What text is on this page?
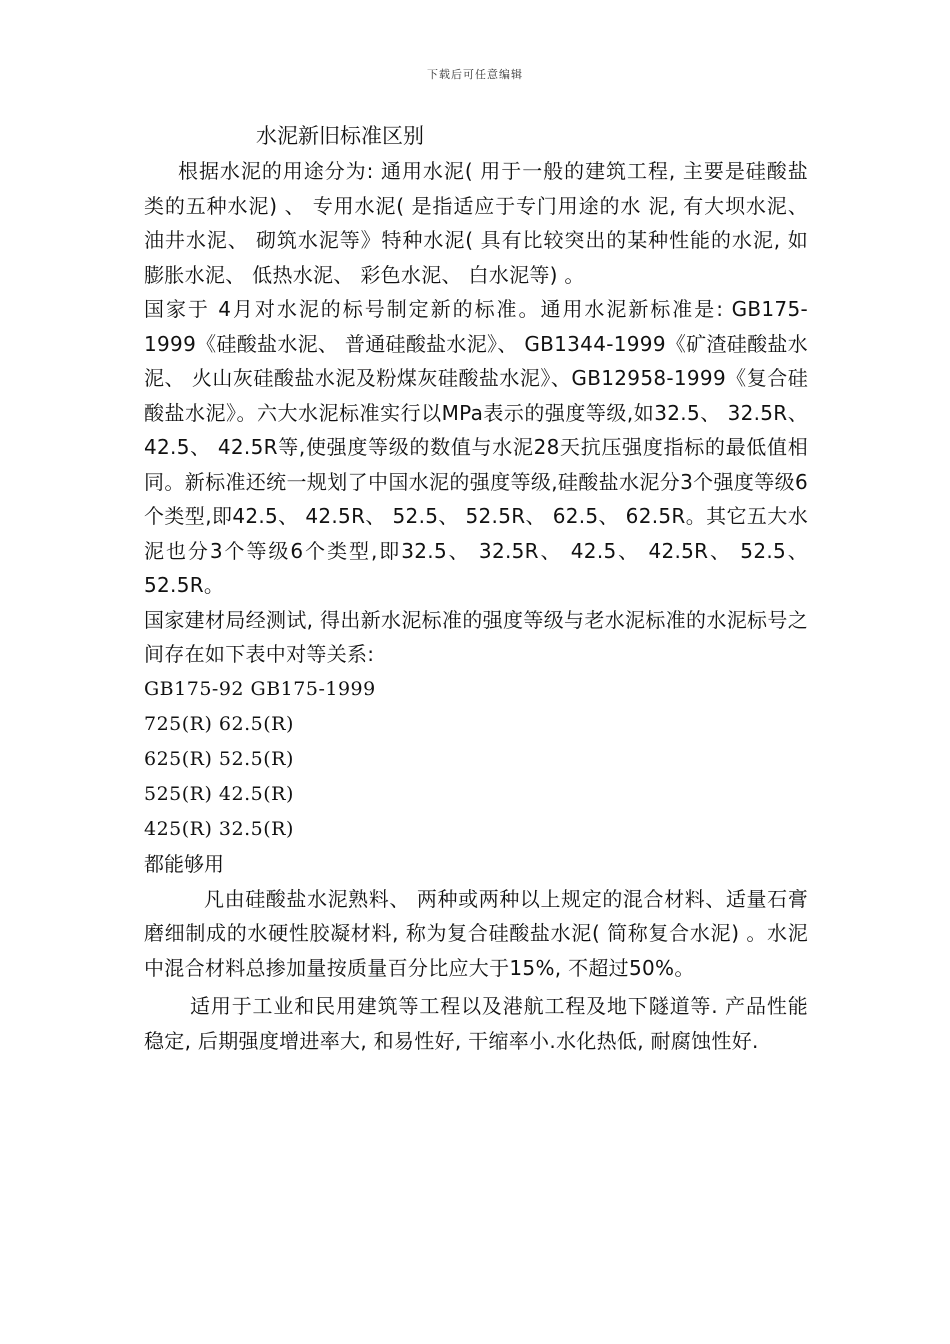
下载后可任意编辑
水泥新旧标准区别

根据水泥的用途分为: 通用水泥( 用于一般的建筑工程, 主要是硅酸盐类的五种水泥) 、 专用水泥( 是指适应于专门用途的水 泥, 有大坝水泥、 油井水泥、 砌筑水泥等》特种水泥( 具有比较突出的某种性能的水泥, 如膨胀水泥、 低热水泥、 彩色水泥、 白水泥等) 。

国家于 4月对水泥的标号制定新的标准。通用水泥新标准是: GB175-1999《硅酸盐水泥、 普通硅酸盐水泥》、 GB1344-1999《矿渣硅酸盐水泥、 火山灰硅酸盐水泥及粉煤灰硅酸盐水泥》、GB12958-1999《复合硅酸盐水泥》。六大水泥标准实行以MPa表示的强度等级,如32.5、 32.5R、 42.5、 42.5R等,使强度等级的数值与水泥28天抗压强度指标的最低值相同。新标准还统一规划了中国水泥的强度等级,硅酸盐水泥分3个强度等级6个类型,即42.5、 42.5R、 52.5、 52.5R、 62.5、 62.5R。其它五大水泥也分3个等级6个类型,即32.5、 32.5R、 42.5、 42.5R、 52.5、 52.5R。

国家建材局经测试, 得出新水泥标准的强度等级与老水泥标准的水泥标号之间存在如下表中对等关系:

GB175-92 GB175-1999

725(R) 62.5(R)

625(R) 52.5(R)

525(R) 42.5(R)

425(R) 32.5(R)

都能够用

凡由硅酸盐水泥熟料、 两种或两种以上规定的混合材料、适量石膏磨细制成的水硬性胶凝材料, 称为复合硅酸盐水泥( 简称复合水泥) 。水泥中混合材料总掺加量按质量百分比应大于15%, 不超过50%。

适用于工业和民用建筑等工程以及港航工程及地下隧道等. 产品性能稳定, 后期强度增进率大, 和易性好, 干缩率小.水化热低, 耐腐蚀性好.
